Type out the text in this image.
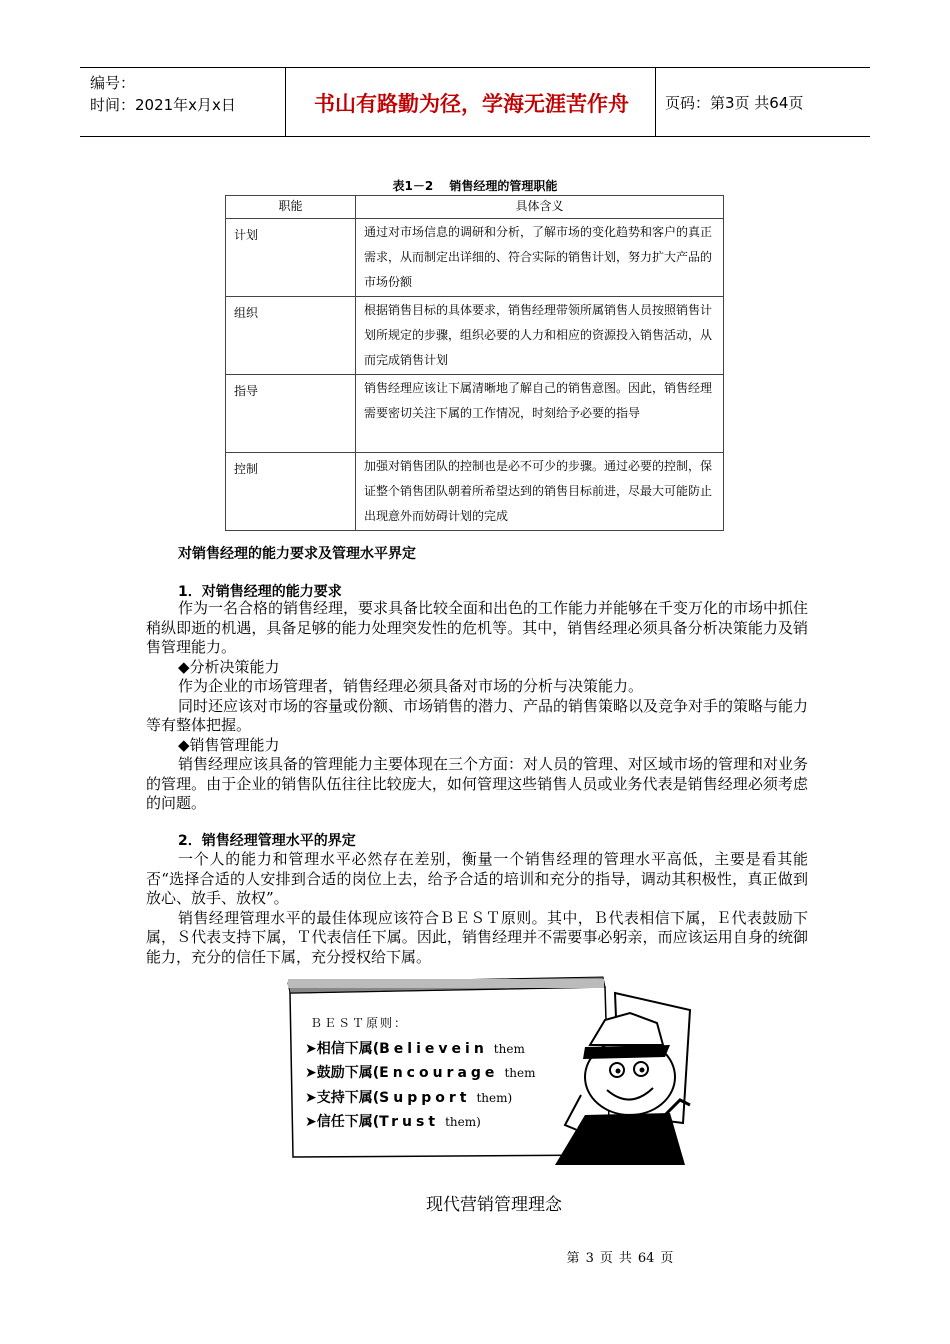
编号：
时间：2021年x月x日	书山有路勤为径，学海无涯苦作舟	页码：第3页 共64页
表1－2　 销售经理的管理职能
职能	具体含义
计划	通过对市场信息的调研和分析，了解市场的变化趋势和客户的真正需求，从而制定出详细的、符合实际的销售计划，努力扩大产品的市场份额
组织	根据销售目标的具体要求，销售经理带领所属销售人员按照销售计划所规定的步骤，组织必要的人力和相应的资源投入销售活动，从而完成销售计划
指导	销售经理应该让下属清晰地了解自己的销售意图。因此，销售经理需要密切关注下属的工作情况，时刻给予必要的指导
控制	加强对销售团队的控制也是必不可少的步骤。通过必要的控制，保证整个销售团队朝着所希望达到的销售目标前进，尽最大可能防止出现意外而妨碍计划的完成
对销售经理的能力要求及管理水平界定
1．对销售经理的能力要求

作为一名合格的销售经理，要求具备比较全面和出色的工作能力并能够在千变万化的市场中抓住稍纵即逝的机遇，具备足够的能力处理突发性的危机等。其中，销售经理必须具备分析决策能力及销售管理能力。

◆分析决策能力

作为企业的市场管理者，销售经理必须具备对市场的分析与决策能力。

同时还应该对市场的容量或份额、市场销售的潜力、产品的销售策略以及竞争对手的策略与能力等有整体把握。

◆销售管理能力

销售经理应该具备的管理能力主要体现在三个方面：对人员的管理、对区域市场的管理和对业务的管理。由于企业的销售队伍往往比较庞大，如何管理这些销售人员或业务代表是销售经理必须考虑的问题。

2．销售经理管理水平的界定

一个人的能力和管理水平必然存在差别，衡量一个销售经理的管理水平高低，主要是看其能否“选择合适的人安排到合适的岗位上去，给予合适的培训和充分的指导，调动其积极性，真正做到放心、放手、放权”。

销售经理管理水平的最佳体现应该符合ＢＥＳＴ原则。其中，Ｂ代表相信下属，Ｅ代表鼓励下属，Ｓ代表支持下属，Ｔ代表信任下属。因此，销售经理并不需要事必躬亲，而应该运用自身的统御能力，充分的信任下属，充分授权给下属。

ＢＥＳＴ原则：
➤相信下属(Believein them
➤鼓励下属(Encourage them
➤支持下属(Support them)
➤信任下属(Trust them)
现代营销管理理念
第 3 页 共 64 页
